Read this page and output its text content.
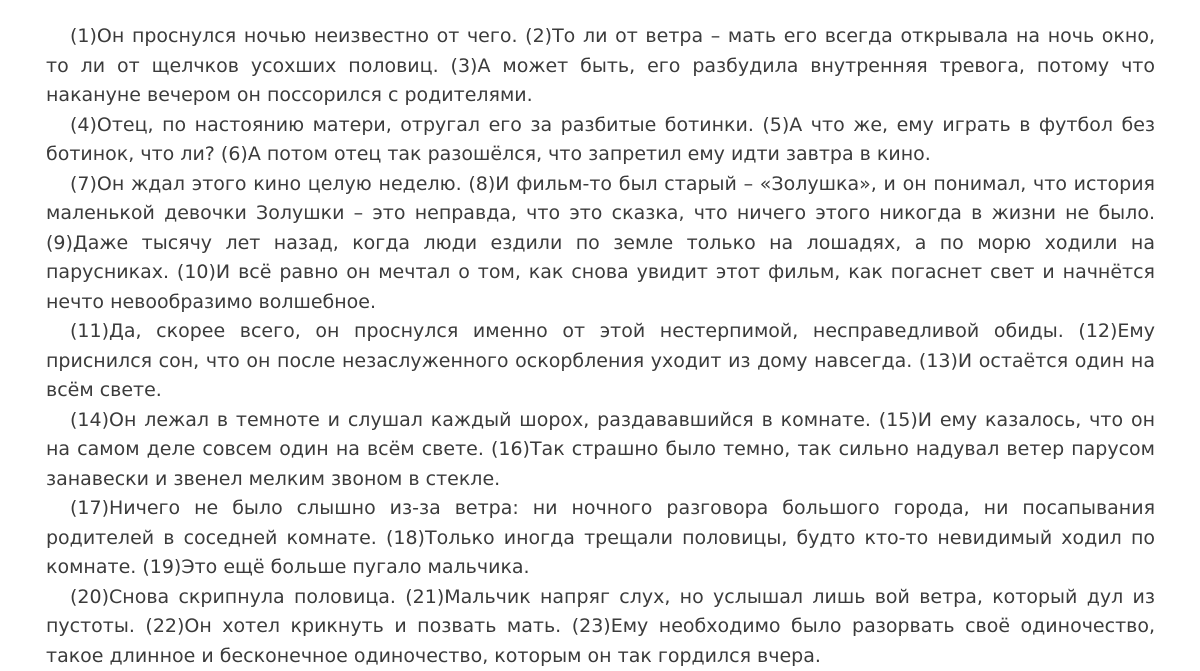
(1)Он проснулся ночью неизвестно от чего. (2)То ли от ветра – мать его всегда открывала на ночь окно, то ли от щелчков усохших половиц. (3)А может быть, его разбудила внутренняя тревога, потому что накануне вечером он поссорился с родителями.

(4)Отец, по настоянию матери, отругал его за разбитые ботинки. (5)А что же, ему играть в футбол без ботинок, что ли? (6)А потом отец так разошёлся, что запретил ему идти завтра в кино.

(7)Он ждал этого кино целую неделю. (8)И фильм-то был старый – «Золушка», и он понимал, что история маленькой девочки Золушки – это неправда, что это сказка, что ничего этого никогда в жизни не было. (9)Даже тысячу лет назад, когда люди ездили по земле только на лошадях, а по морю ходили на парусниках. (10)И всё равно он мечтал о том, как снова увидит этот фильм, как погаснет свет и начнётся нечто невообразимо волшебное.

(11)Да, скорее всего, он проснулся именно от этой нестерпимой, несправедливой обиды. (12)Ему приснился сон, что он после незаслуженного оскорбления уходит из дому навсегда. (13)И остаётся один на всём свете.

(14)Он лежал в темноте и слушал каждый шорох, раздававшийся в комнате. (15)И ему казалось, что он на самом деле совсем один на всём свете. (16)Так страшно было темно, так сильно надувал ветер парусом занавески и звенел мелким звоном в стекле.

(17)Ничего не было слышно из-за ветра: ни ночного разговора большого города, ни посапывания родителей в соседней комнате. (18)Только иногда трещали половицы, будто кто-то невидимый ходил по комнате. (19)Это ещё больше пугало мальчика.

(20)Снова скрипнула половица. (21)Мальчик напряг слух, но услышал лишь вой ветра, который дул из пустоты. (22)Он хотел крикнуть и позвать мать. (23)Ему необходимо было разорвать своё одиночество, такое длинное и бесконечное одиночество, которым он так гордился вчера.
